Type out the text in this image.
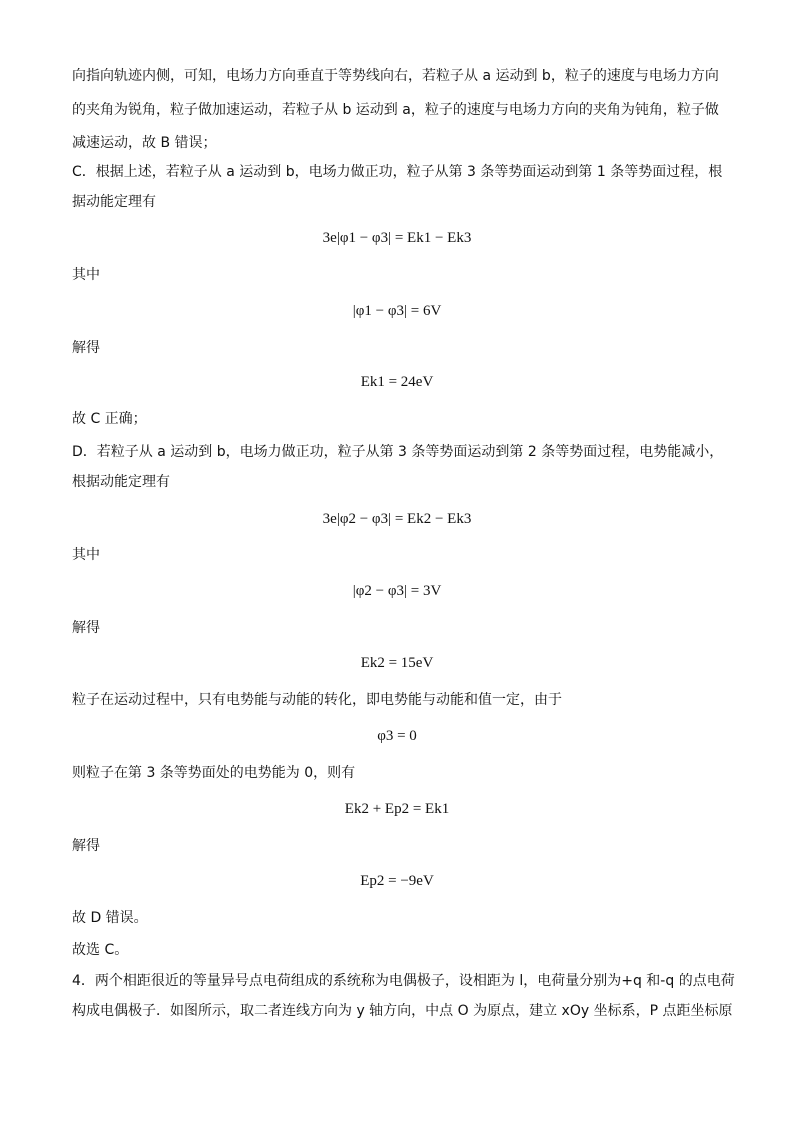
向指向轨迹内侧，可知，电场力方向垂直于等势线向右，若粒子从 a 运动到 b，粒子的速度与电场力方向
的夹角为锐角，粒子做加速运动，若粒子从 b 运动到 a，粒子的速度与电场力方向的夹角为钝角，粒子做
减速运动，故 B 错误；
C．根据上述，若粒子从 a 运动到 b，电场力做正功，粒子从第 3 条等势面运动到第 1 条等势面过程，根
据动能定理有
3e|φ1 − φ3| = Ek1 − Ek3
其中
|φ1 − φ3| = 6V
解得
Ek1 = 24eV
故 C 正确；
D．若粒子从 a 运动到 b，电场力做正功，粒子从第 3 条等势面运动到第 2 条等势面过程，电势能减小，
根据动能定理有
3e|φ2 − φ3| = Ek2 − Ek3
其中
|φ2 − φ3| = 3V
解得
Ek2 = 15eV
粒子在运动过程中，只有电势能与动能的转化，即电势能与动能和值一定，由于
φ3 = 0
则粒子在第 3 条等势面处的电势能为 0，则有
Ek2 + Ep2 = Ek1
解得
Ep2 = −9eV
故 D 错误。
故选 C。
4．两个相距很近的等量异号点电荷组成的系统称为电偶极子，设相距为 l，电荷量分别为+q 和-q 的点电荷
构成电偶极子．如图所示，取二者连线方向为 y 轴方向，中点 O 为原点，建立 xOy 坐标系，P 点距坐标原
